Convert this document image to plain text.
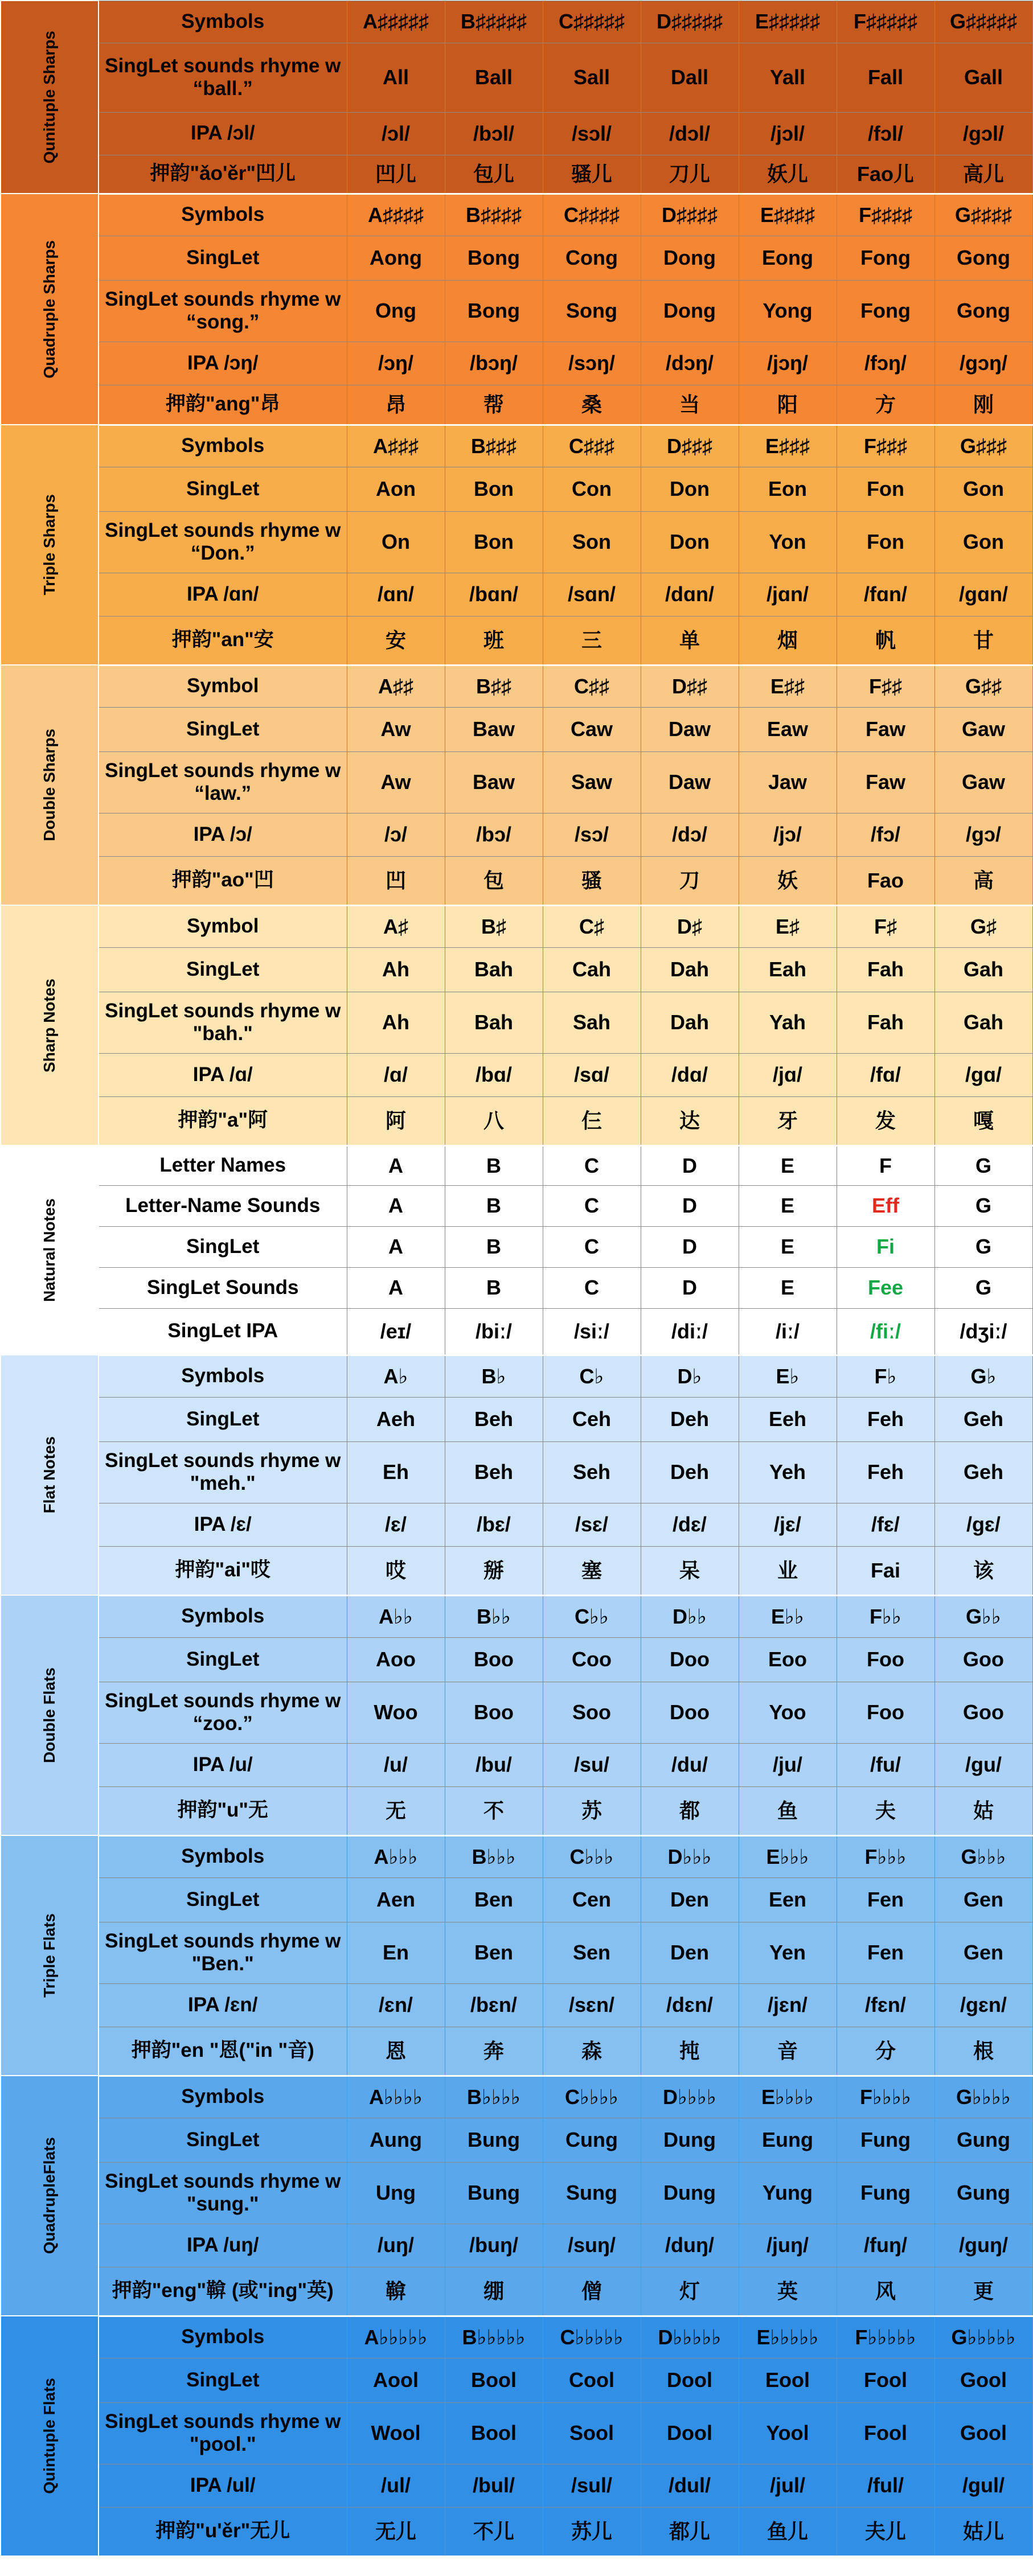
Qunituple Sharps	Symbols	A♯♯♯♯♯	B♯♯♯♯♯	C♯♯♯♯♯	D♯♯♯♯♯	E♯♯♯♯♯	F♯♯♯♯♯	G♯♯♯♯♯
	SingLet sounds rhyme w “ball.”	All	Ball	Sall	Dall	Yall	Fall	Gall
	IPA /ɔl/	/ɔl/	/bɔl/	/sɔl/	/dɔl/	/jɔl/	/fɔl/	/gɔl/
	押韵"ǎo'ěr"凹儿	凹儿	包儿	骚儿	刀儿	妖儿	Fao儿	高儿

Quadruple Sharps	Symbols	A♯♯♯♯	B♯♯♯♯	C♯♯♯♯	D♯♯♯♯	E♯♯♯♯	F♯♯♯♯	G♯♯♯♯
	SingLet	Aong	Bong	Cong	Dong	Eong	Fong	Gong
	SingLet sounds rhyme w “song.”	Ong	Bong	Song	Dong	Yong	Fong	Gong
	IPA /ɔŋ/	/ɔŋ/	/bɔŋ/	/sɔŋ/	/dɔŋ/	/jɔŋ/	/fɔŋ/	/gɔŋ/
	押韵"ang"昂	昂	帮	桑	当	阳	方	刚

Triple Sharps	Symbols	A♯♯♯	B♯♯♯	C♯♯♯	D♯♯♯	E♯♯♯	F♯♯♯	G♯♯♯
	SingLet	Aon	Bon	Con	Don	Eon	Fon	Gon
	SingLet sounds rhyme w “Don.”	On	Bon	Son	Don	Yon	Fon	Gon
	IPA /ɑn/	/ɑn/	/bɑn/	/sɑn/	/dɑn/	/jɑn/	/fɑn/	/gɑn/
	押韵"an"安	安	班	三	单	烟	帆	甘

Double Sharps	Symbol	A♯♯	B♯♯	C♯♯	D♯♯	E♯♯	F♯♯	G♯♯
	SingLet	Aw	Baw	Caw	Daw	Eaw	Faw	Gaw
	SingLet sounds rhyme w “law.”	Aw	Baw	Saw	Daw	Jaw	Faw	Gaw
	IPA /ɔ/	/ɔ/	/bɔ/	/sɔ/	/dɔ/	/jɔ/	/fɔ/	/gɔ/
	押韵"ao"凹	凹	包	骚	刀	妖	Fao	高

Sharp Notes	Symbol	A♯	B♯	C♯	D♯	E♯	F♯	G♯
	SingLet	Ah	Bah	Cah	Dah	Eah	Fah	Gah
	SingLet sounds rhyme w "bah."	Ah	Bah	Sah	Dah	Yah	Fah	Gah
	IPA /ɑ/	/ɑ/	/bɑ/	/sɑ/	/dɑ/	/jɑ/	/fɑ/	/gɑ/
	押韵"a"阿	阿	八	仨	达	牙	发	嘎

Natural Notes	Letter Names	A	B	C	D	E	F	G
	Letter-Name Sounds	A	B	C	D	E	Eff	G
	SingLet	A	B	C	D	E	Fi	G
	SingLet Sounds	A	B	C	D	E	Fee	G
	SingLet IPA	/eɪ/	/biː/	/siː/	/diː/	/iː/	/fiː/	/dʒiː/

Flat Notes	Symbols	A♭	B♭	C♭	D♭	E♭	F♭	G♭
	SingLet	Aeh	Beh	Ceh	Deh	Eeh	Feh	Geh
	SingLet sounds rhyme w "meh."	Eh	Beh	Seh	Deh	Yeh	Feh	Geh
	IPA /ɛ/	/ɛ/	/bɛ/	/sɛ/	/dɛ/	/jɛ/	/fɛ/	/gɛ/
	押韵"ai"哎	哎	掰	塞	呆	业	Fai	该

Double Flats	Symbols	A♭♭	B♭♭	C♭♭	D♭♭	E♭♭	F♭♭	G♭♭
	SingLet	Aoo	Boo	Coo	Doo	Eoo	Foo	Goo
	SingLet sounds rhyme w “zoo.”	Woo	Boo	Soo	Doo	Yoo	Foo	Goo
	IPA /u/	/u/	/bu/	/su/	/du/	/ju/	/fu/	/gu/
	押韵"u"无	无	不	苏	都	鱼	夫	姑

Triple Flats	Symbols	A♭♭♭	B♭♭♭	C♭♭♭	D♭♭♭	E♭♭♭	F♭♭♭	G♭♭♭
	SingLet	Aen	Ben	Cen	Den	Een	Fen	Gen
	SingLet sounds rhyme w "Ben."	En	Ben	Sen	Den	Yen	Fen	Gen
	IPA /ɛn/	/ɛn/	/bɛn/	/sɛn/	/dɛn/	/jɛn/	/fɛn/	/gɛn/
	押韵"en "恩("in "音)	恩	奔	森	扽	音	分	根

QuadrupleFlats	Symbols	A♭♭♭♭	B♭♭♭♭	C♭♭♭♭	D♭♭♭♭	E♭♭♭♭	F♭♭♭♭	G♭♭♭♭
	SingLet	Aung	Bung	Cung	Dung	Eung	Fung	Gung
	SingLet sounds rhyme w "sung."	Ung	Bung	Sung	Dung	Yung	Fung	Gung
	IPA /uŋ/	/uŋ/	/buŋ/	/suŋ/	/duŋ/	/juŋ/	/fuŋ/	/guŋ/
	押韵"eng"鞥 (或"ing"英)	鞥	绷	僧	灯	英	风	更

Quintuple Flats	Symbols	A♭♭♭♭♭	B♭♭♭♭♭	C♭♭♭♭♭	D♭♭♭♭♭	E♭♭♭♭♭	F♭♭♭♭♭	G♭♭♭♭♭
	SingLet	Aool	Bool	Cool	Dool	Eool	Fool	Gool
	SingLet sounds rhyme w "pool."	Wool	Bool	Sool	Dool	Yool	Fool	Gool
	IPA /ul/	/ul/	/bul/	/sul/	/dul/	/jul/	/ful/	/gul/
	押韵"u'ěr"无儿	无儿	不儿	苏儿	都儿	鱼儿	夫儿	姑儿
